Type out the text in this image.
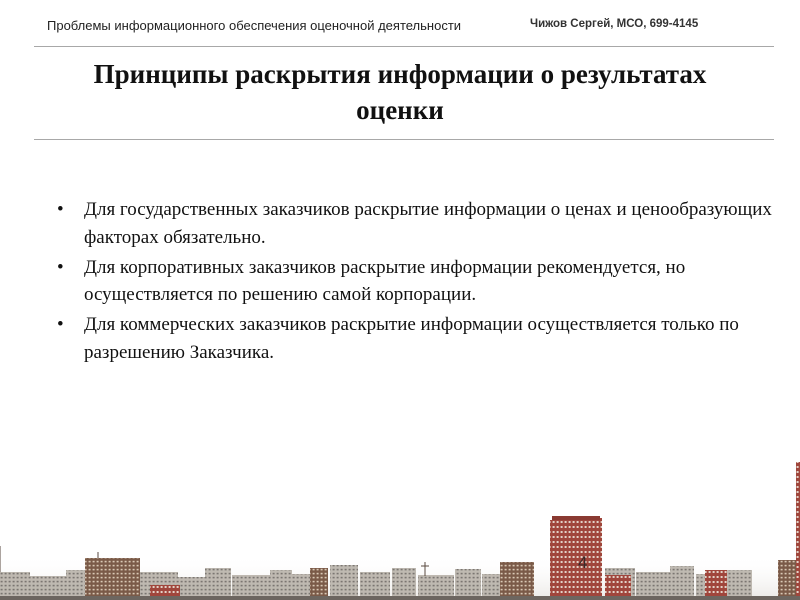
Проблемы информационного обеспечения оценочной деятельности	Чижов Сергей, МСО, 699-4145
Принципы раскрытия информации о результатах оценки
• Для государственных заказчиков раскрытие информации о ценах и ценообразующих факторах обязательно.
• Для корпоративных заказчиков раскрытие информации рекомендуется, но осуществляется по решению самой корпорации.
• Для коммерческих заказчиков раскрытие информации осуществляется только по разрешению Заказчика.
4
